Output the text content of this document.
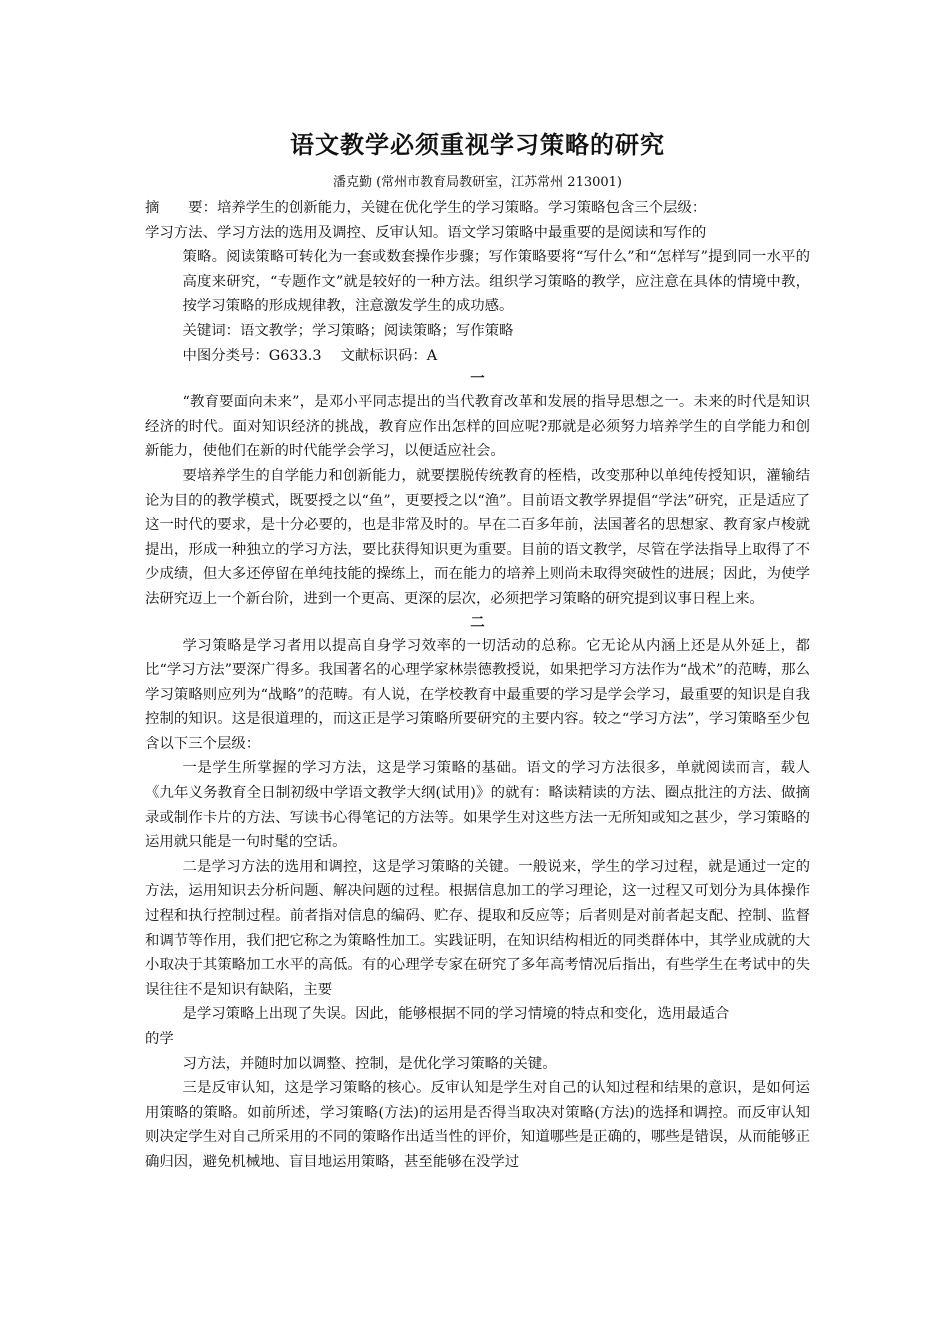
语文教学必须重视学习策略的研究

潘克勤 (常州市教育局教研室，江苏常州 213001)

摘　　要：培养学生的创新能力，关键在优化学生的学习策略。学习策略包含三个层级：

学习方法、学习方法的选用及调控、反审认知。语文学习策略中最重要的是阅读和写作的

策略。阅读策略可转化为一套或数套操作步骤；写作策略要将“写什么”和“怎样写”提到同一水平的高度来研究，“专题作文”就是较好的一种方法。组织学习策略的教学，应注意在具体的情境中教，按学习策略的形成规律教，注意激发学生的成功感。

关键词：语文教学；学习策略；阅读策略；写作策略

中图分类号：G633.3　 文献标识码：A

一

“教育要面向未来”，是邓小平同志提出的当代教育改革和发展的指导思想之一。未来的时代是知识经济的时代。面对知识经济的挑战，教育应作出怎样的回应呢?那就是必须努力培养学生的自学能力和创新能力，使他们在新的时代能学会学习，以便适应社会。

要培养学生的自学能力和创新能力，就要摆脱传统教育的桎梏，改变那种以单纯传授知识，灌输结论为目的的教学模式，既要授之以“鱼”，更要授之以“渔”。目前语文教学界提倡“学法”研究，正是适应了这一时代的要求，是十分必要的，也是非常及时的。早在二百多年前，法国著名的思想家、教育家卢梭就提出，形成一种独立的学习方法，要比获得知识更为重要。目前的语文教学，尽管在学法指导上取得了不少成绩，但大多还停留在单纯技能的操练上，而在能力的培养上则尚未取得突破性的进展；因此，为使学法研究迈上一个新台阶，进到一个更高、更深的层次，必须把学习策略的研究提到议事日程上来。

二

学习策略是学习者用以提高自身学习效率的一切活动的总称。它无论从内涵上还是从外延上，都比“学习方法”要深广得多。我国著名的心理学家林崇德教授说，如果把学习方法作为“战术”的范畴，那么学习策略则应列为“战略”的范畴。有人说，在学校教育中最重要的学习是学会学习，最重要的知识是自我控制的知识。这是很道理的，而这正是学习策略所要研究的主要内容。较之“学习方法”，学习策略至少包含以下三个层级：

一是学生所掌握的学习方法，这是学习策略的基础。语文的学习方法很多，单就阅读而言，载人《九年义务教育全日制初级中学语文教学大纲(试用)》的就有：略读精读的方法、圈点批注的方法、做摘录或制作卡片的方法、写读书心得笔记的方法等。如果学生对这些方法一无所知或知之甚少，学习策略的运用就只能是一句时髦的空话。

二是学习方法的选用和调控，这是学习策略的关键。一般说来，学生的学习过程，就是通过一定的方法，运用知识去分析问题、解决问题的过程。根据信息加工的学习理论，这一过程又可划分为具体操作过程和执行控制过程。前者指对信息的编码、贮存、提取和反应等；后者则是对前者起支配、控制、监督和调节等作用，我们把它称之为策略性加工。实践证明，在知识结构相近的同类群体中，其学业成就的大小取决于其策略加工水平的高低。有的心理学专家在研究了多年高考情况后指出，有些学生在考试中的失误往往不是知识有缺陷，主要

是学习策略上出现了失误。因此，能够根据不同的学习情境的特点和变化，选用最适合

的学

习方法，并随时加以调整、控制，是优化学习策略的关键。

三是反审认知，这是学习策略的核心。反审认知是学生对自己的认知过程和结果的意识，是如何运用策略的策略。如前所述，学习策略(方法)的运用是否得当取决对策略(方法)的选择和调控。而反审认知则决定学生对自己所采用的不同的策略作出适当性的评价，知道哪些是正确的，哪些是错误，从而能够正确归因，避免机械地、盲目地运用策略，甚至能够在没学过
